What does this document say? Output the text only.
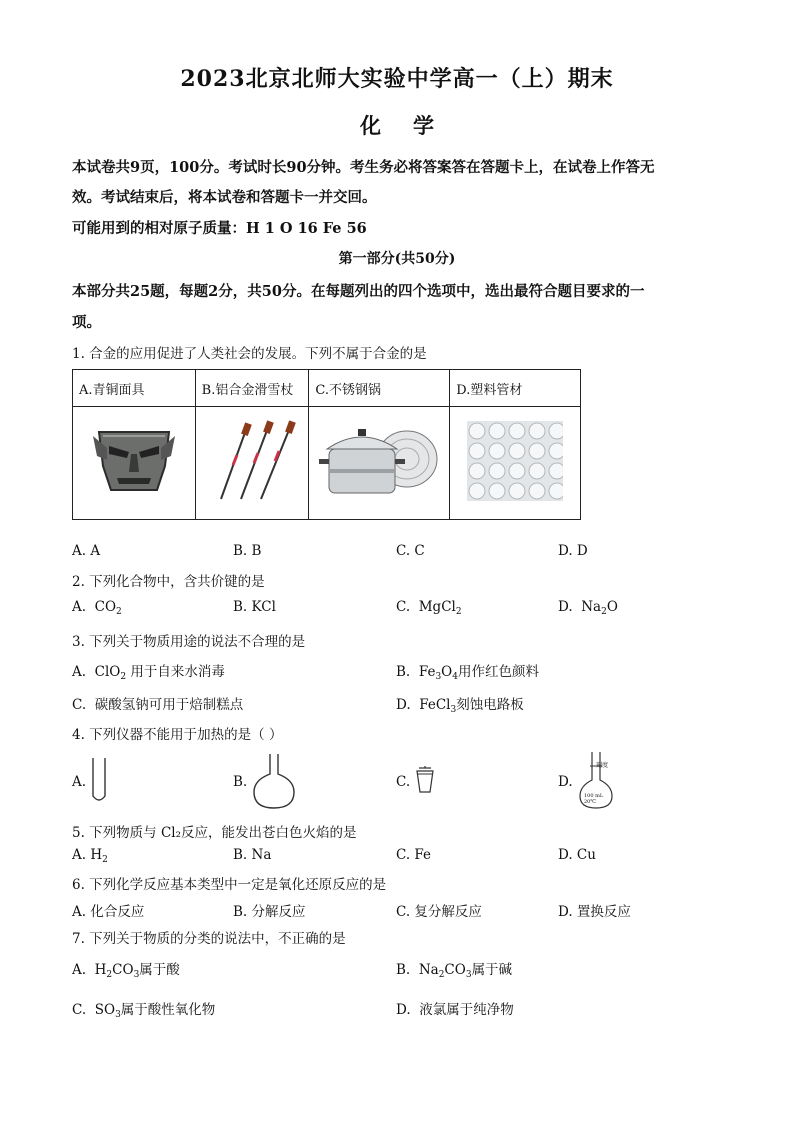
2023北京北师大实验中学高一（上）期末
化学
本试卷共9页，100分。考试时长90分钟。考生务必将答案答在答题卡上，在试卷上作答无
效。考试结束后，将本试卷和答题卡一并交回。
可能用到的相对原子质量：H 1 O 16 Fe 56
第一部分(共50分)
本部分共25题，每题2分，共50分。在每题列出的四个选项中，选出最符合题目要求的一
项。
1. 合金的应用促进了人类社会的发展。下列不属于合金的是
A.青铜面具	B.铝合金滑雪杖	C.不锈钢锅	D.塑料管材

A. A	B. B	C. C	D. D
2. 下列化合物中，含共价键的是
A. $CO_2$	B. KCl	C. MgCl$_2$	D. $Na_2O$
3. 下列关于物质用途的说法不合理的是
A. ClO$_2$ 用于自来水消毒	B. $Fe_3O_4$用作红色颜料
C. 碳酸氢钠可用于焙制糕点	D. FeCl$_3$刻蚀电路板
4. 下列仪器不能用于加热的是（ ）
A.	B.	C.	D.
刻度
100 mL
20℃
5. 下列物质与 Cl₂反应，能发出苍白色火焰的是
A. $H_2$	B. Na	C. Fe	D. Cu
6. 下列化学反应基本类型中一定是氧化还原反应的是
A. 化合反应	B. 分解反应	C. 复分解反应	D. 置换反应
7. 下列关于物质的分类的说法中，不正确的是
A. $H_2CO_3$属于酸	B. $Na_2CO_3$属于碱
C. $SO_3$属于酸性氧化物	D. 液氯属于纯净物
